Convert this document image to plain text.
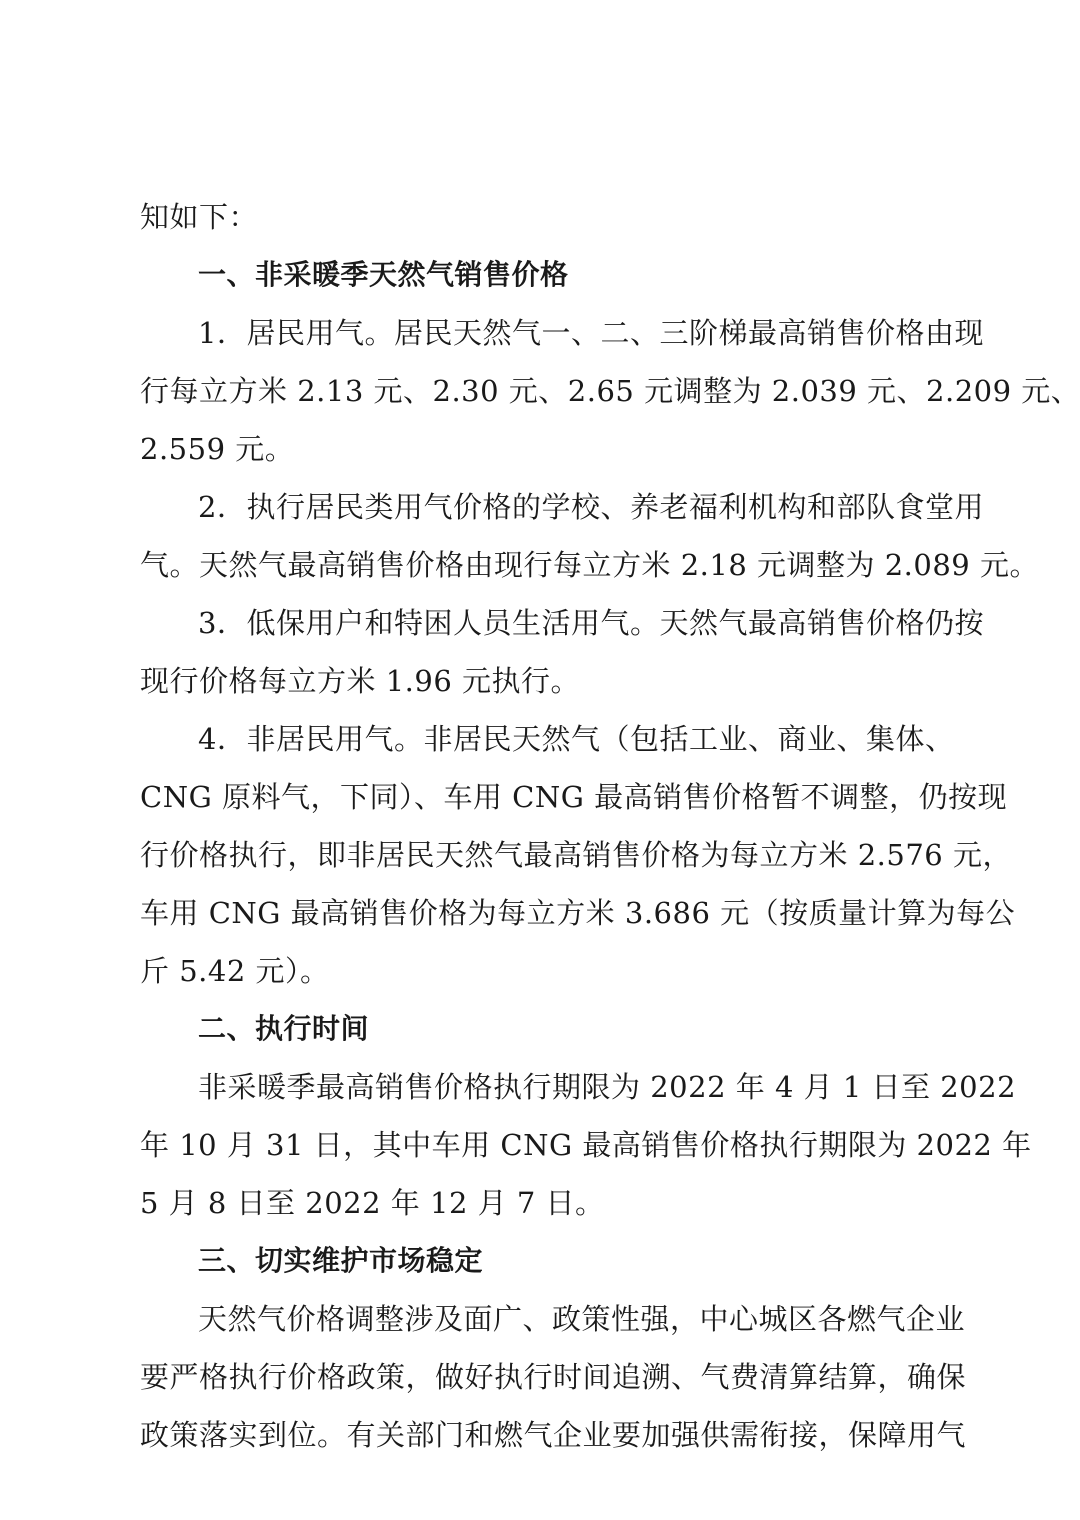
知如下：
一、非采暖季天然气销售价格
1．居民用气。居民天然气一、二、三阶梯最高销售价格由现
行每立方米 2.13 元、2.30 元、2.65 元调整为 2.039 元、2.209 元、
2.559 元。
2．执行居民类用气价格的学校、养老福利机构和部队食堂用
气。天然气最高销售价格由现行每立方米 2.18 元调整为 2.089 元。
3．低保用户和特困人员生活用气。天然气最高销售价格仍按
现行价格每立方米 1.96 元执行。
4．非居民用气。非居民天然气（包括工业、商业、集体、
CNG 原料气，下同）、车用 CNG 最高销售价格暂不调整，仍按现
行价格执行，即非居民天然气最高销售价格为每立方米 2.576 元，
车用 CNG 最高销售价格为每立方米 3.686 元（按质量计算为每公
斤 5.42 元）。
二、执行时间
非采暖季最高销售价格执行期限为 2022 年 4 月 1 日至 2022
年 10 月 31 日，其中车用 CNG 最高销售价格执行期限为 2022 年
5 月 8 日至 2022 年 12 月 7 日。
三、切实维护市场稳定
天然气价格调整涉及面广、政策性强，中心城区各燃气企业
要严格执行价格政策，做好执行时间追溯、气费清算结算，确保
政策落实到位。有关部门和燃气企业要加强供需衔接，保障用气
